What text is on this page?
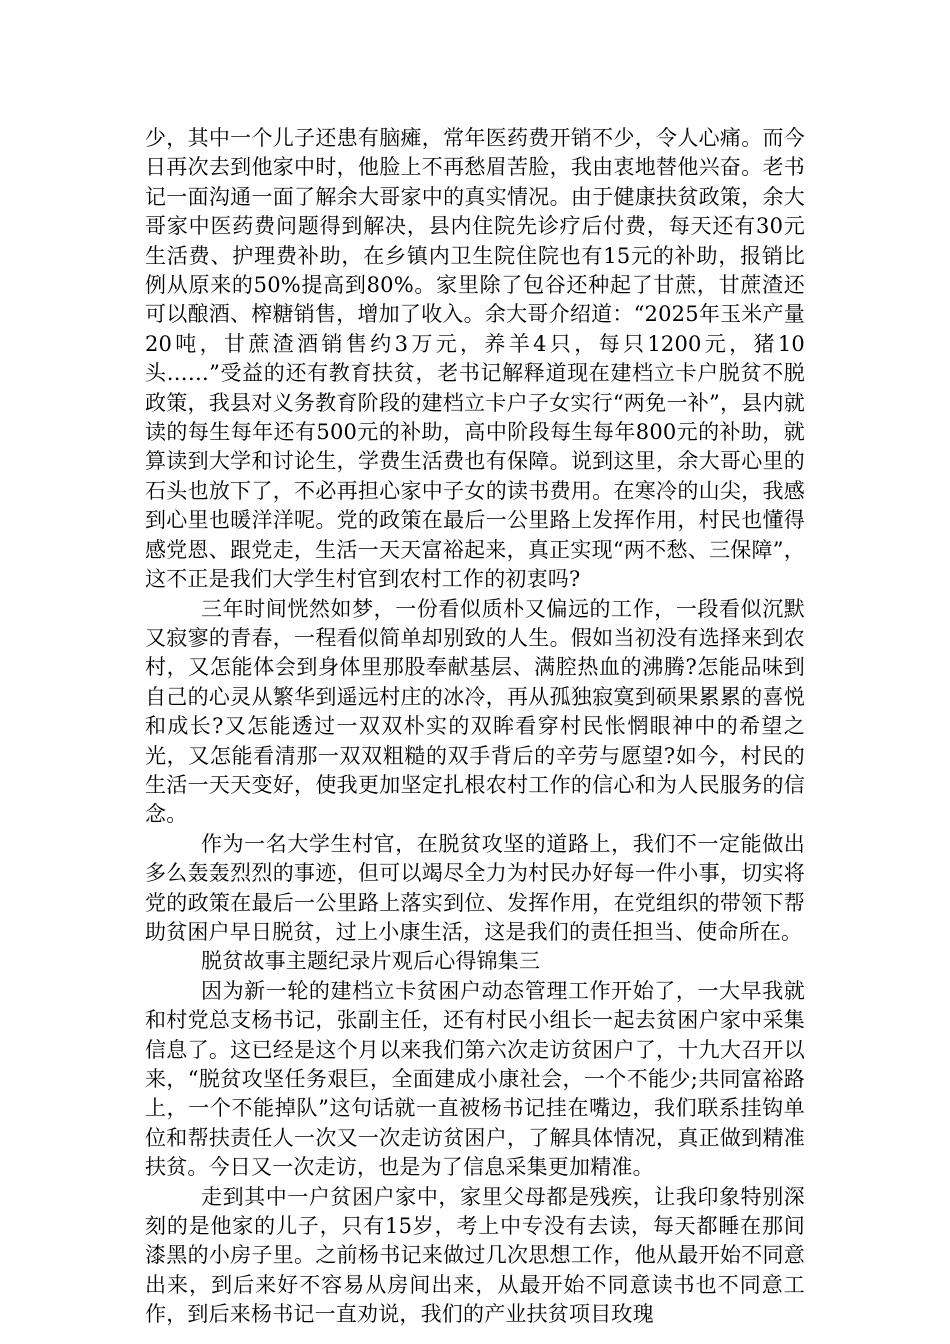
少，其中一个儿子还患有脑瘫，常年医药费开销不少，令人心痛。而今日再次去到他家中时，他脸上不再愁眉苦脸，我由衷地替他兴奋。老书记一面沟通一面了解余大哥家中的真实情况。由于健康扶贫政策，余大哥家中医药费问题得到解决，县内住院先诊疗后付费，每天还有30元生活费、护理费补助，在乡镇内卫生院住院也有15元的补助，报销比例从原来的50%提高到80%。家里除了包谷还种起了甘蔗，甘蔗渣还可以酿酒、榨糖销售，增加了收入。余大哥介绍道：“2025年玉米产量20吨，甘蔗渣酒销售约3万元，养羊4只，每只1200元，猪10头……”受益的还有教育扶贫，老书记解释道现在建档立卡户脱贫不脱政策，我县对义务教育阶段的建档立卡户子女实行“两免一补”，县内就读的每生每年还有500元的补助，高中阶段每生每年800元的补助，就算读到大学和讨论生，学费生活费也有保障。说到这里，余大哥心里的石头也放下了，不必再担心家中子女的读书费用。在寒冷的山尖，我感到心里也暖洋洋呢。党的政策在最后一公里路上发挥作用，村民也懂得感党恩、跟党走，生活一天天富裕起来，真正实现“两不愁、三保障”，这不正是我们大学生村官到农村工作的初衷吗?

三年时间恍然如梦，一份看似质朴又偏远的工作，一段看似沉默又寂寥的青春，一程看似简单却别致的人生。假如当初没有选择来到农村，又怎能体会到身体里那股奉献基层、满腔热血的沸腾?怎能品味到自己的心灵从繁华到遥远村庄的冰冷，再从孤独寂寞到硕果累累的喜悦和成长?又怎能透过一双双朴实的双眸看穿村民怅惘眼神中的希望之光，又怎能看清那一双双粗糙的双手背后的辛劳与愿望?如今，村民的生活一天天变好，使我更加坚定扎根农村工作的信心和为人民服务的信念。

作为一名大学生村官，在脱贫攻坚的道路上，我们不一定能做出多么轰轰烈烈的事迹，但可以竭尽全力为村民办好每一件小事，切实将党的政策在最后一公里路上落实到位、发挥作用，在党组织的带领下帮助贫困户早日脱贫，过上小康生活，这是我们的责任担当、使命所在。

脱贫故事主题纪录片观后心得锦集三

因为新一轮的建档立卡贫困户动态管理工作开始了，一大早我就和村党总支杨书记，张副主任，还有村民小组长一起去贫困户家中采集信息了。这已经是这个月以来我们第六次走访贫困户了，十九大召开以来，“脱贫攻坚任务艰巨，全面建成小康社会，一个不能少;共同富裕路上，一个不能掉队”这句话就一直被杨书记挂在嘴边，我们联系挂钩单位和帮扶责任人一次又一次走访贫困户，了解具体情况，真正做到精准扶贫。今日又一次走访，也是为了信息采集更加精准。

走到其中一户贫困户家中，家里父母都是残疾，让我印象特别深刻的是他家的儿子，只有15岁，考上中专没有去读，每天都睡在那间漆黑的小房子里。之前杨书记来做过几次思想工作，他从最开始不同意出来，到后来好不容易从房间出来，从最开始不同意读书也不同意工作，到后来杨书记一直劝说，我们的产业扶贫项目玫瑰
